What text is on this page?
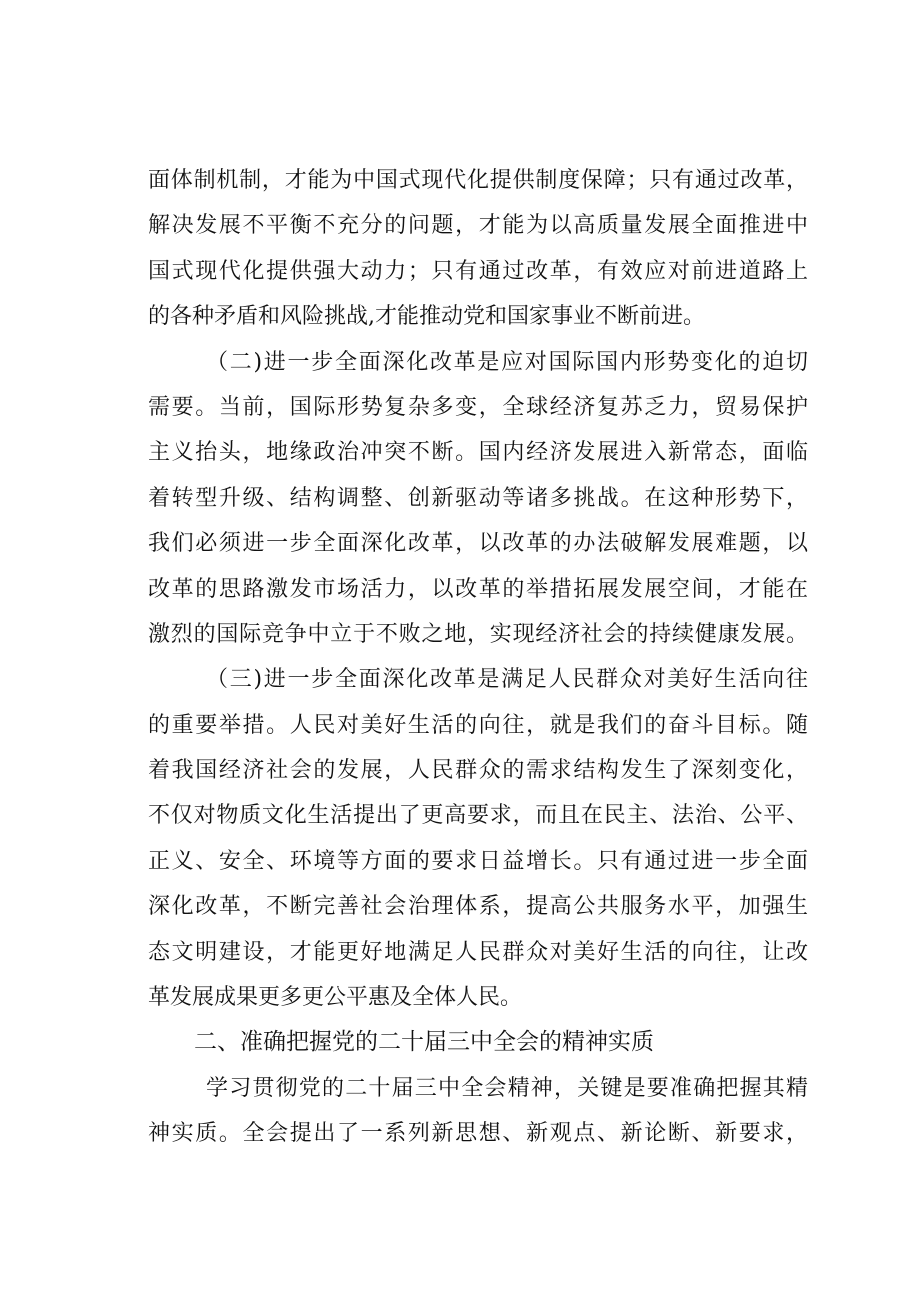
面体制机制，才能为中国式现代化提供制度保障；只有通过改革，
解决发展不平衡不充分的问题，才能为以高质量发展全面推进中
国式现代化提供强大动力；只有通过改革，有效应对前进道路上
的各种矛盾和风险挑战,才能推动党和国家事业不断前进。
（二)进一步全面深化改革是应对国际国内形势变化的迫切
需要。当前，国际形势复杂多变，全球经济复苏乏力，贸易保护
主义抬头，地缘政治冲突不断。国内经济发展进入新常态，面临
着转型升级、结构调整、创新驱动等诸多挑战。在这种形势下，
我们必须进一步全面深化改革，以改革的办法破解发展难题，以
改革的思路激发市场活力，以改革的举措拓展发展空间，才能在
激烈的国际竞争中立于不败之地，实现经济社会的持续健康发展。
（三)进一步全面深化改革是满足人民群众对美好生活向往
的重要举措。人民对美好生活的向往，就是我们的奋斗目标。随
着我国经济社会的发展，人民群众的需求结构发生了深刻变化，
不仅对物质文化生活提出了更高要求，而且在民主、法治、公平、
正义、安全、环境等方面的要求日益增长。只有通过进一步全面
深化改革，不断完善社会治理体系，提高公共服务水平，加强生
态文明建设，才能更好地满足人民群众对美好生活的向往，让改
革发展成果更多更公平惠及全体人民。
二、准确把握党的二十届三中全会的精神实质
学习贯彻党的二十届三中全会精神，关键是要准确把握其精
神实质。全会提出了一系列新思想、新观点、新论断、新要求，
